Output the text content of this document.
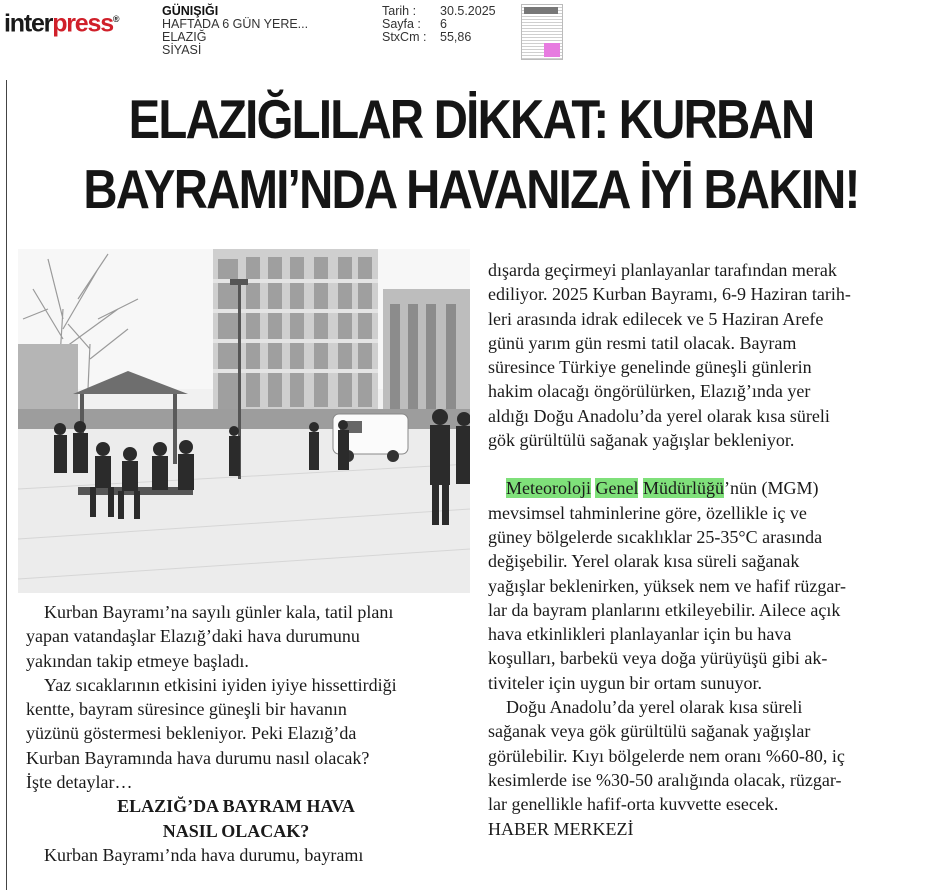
interpress®
GÜNIŞIĞI
HAFTADA 6 GÜN YERE...
ELAZIĞ
SİYASİ
Tarih : 30.5.2025
Sayfa : 6
StxCm : 55,86
ELAZIĞLILAR DİKKAT: KURBAN
BAYRAMI’NDA HAVANIZA İYİ BAKIN!

Kurban Bayramı’na sayılı günler kala, tatil planı

yapan vatandaşlar Elazığ’daki hava durumunu

yakından takip etmeye başladı.

Yaz sıcaklarının etkisini iyiden iyiye hissettirdiği

kentte, bayram süresince güneşli bir havanın

yüzünü göstermesi bekleniyor. Peki Elazığ’da

Kurban Bayramında hava durumu nasıl olacak?

İşte detaylar…

ELAZIĞ’DA BAYRAM HAVA

NASIL OLACAK?

Kurban Bayramı’nda hava durumu, bayramı

dışarda geçirmeyi planlayanlar tarafından merak

ediliyor. 2025 Kurban Bayramı, 6-9 Haziran tarih-

leri arasında idrak edilecek ve 5 Haziran Arefe

günü yarım gün resmi tatil olacak. Bayram

süresince Türkiye genelinde güneşli günlerin

hakim olacağı öngörülürken, Elazığ’ında yer

aldığı Doğu Anadolu’da yerel olarak kısa süreli

gök gürültülü sağanak yağışlar bekleniyor.

Meteoroloji Genel Müdürlüğü’nün (MGM)

mevsimsel tahminlerine göre, özellikle iç ve

güney bölgelerde sıcaklıklar 25-35°C arasında

değişebilir. Yerel olarak kısa süreli sağanak

yağışlar beklenirken, yüksek nem ve hafif rüzgar-

lar da bayram planlarını etkileyebilir. Ailece açık

hava etkinlikleri planlayanlar için bu hava

koşulları, barbekü veya doğa yürüyüşü gibi ak-

tiviteler için uygun bir ortam sunuyor.

Doğu Anadolu’da yerel olarak kısa süreli

sağanak veya gök gürültülü sağanak yağışlar

görülebilir. Kıyı bölgelerde nem oranı %60-80, iç

kesimlerde ise %30-50 aralığında olacak, rüzgar-

lar genellikle hafif-orta kuvvette esecek.

HABER MERKEZİ
